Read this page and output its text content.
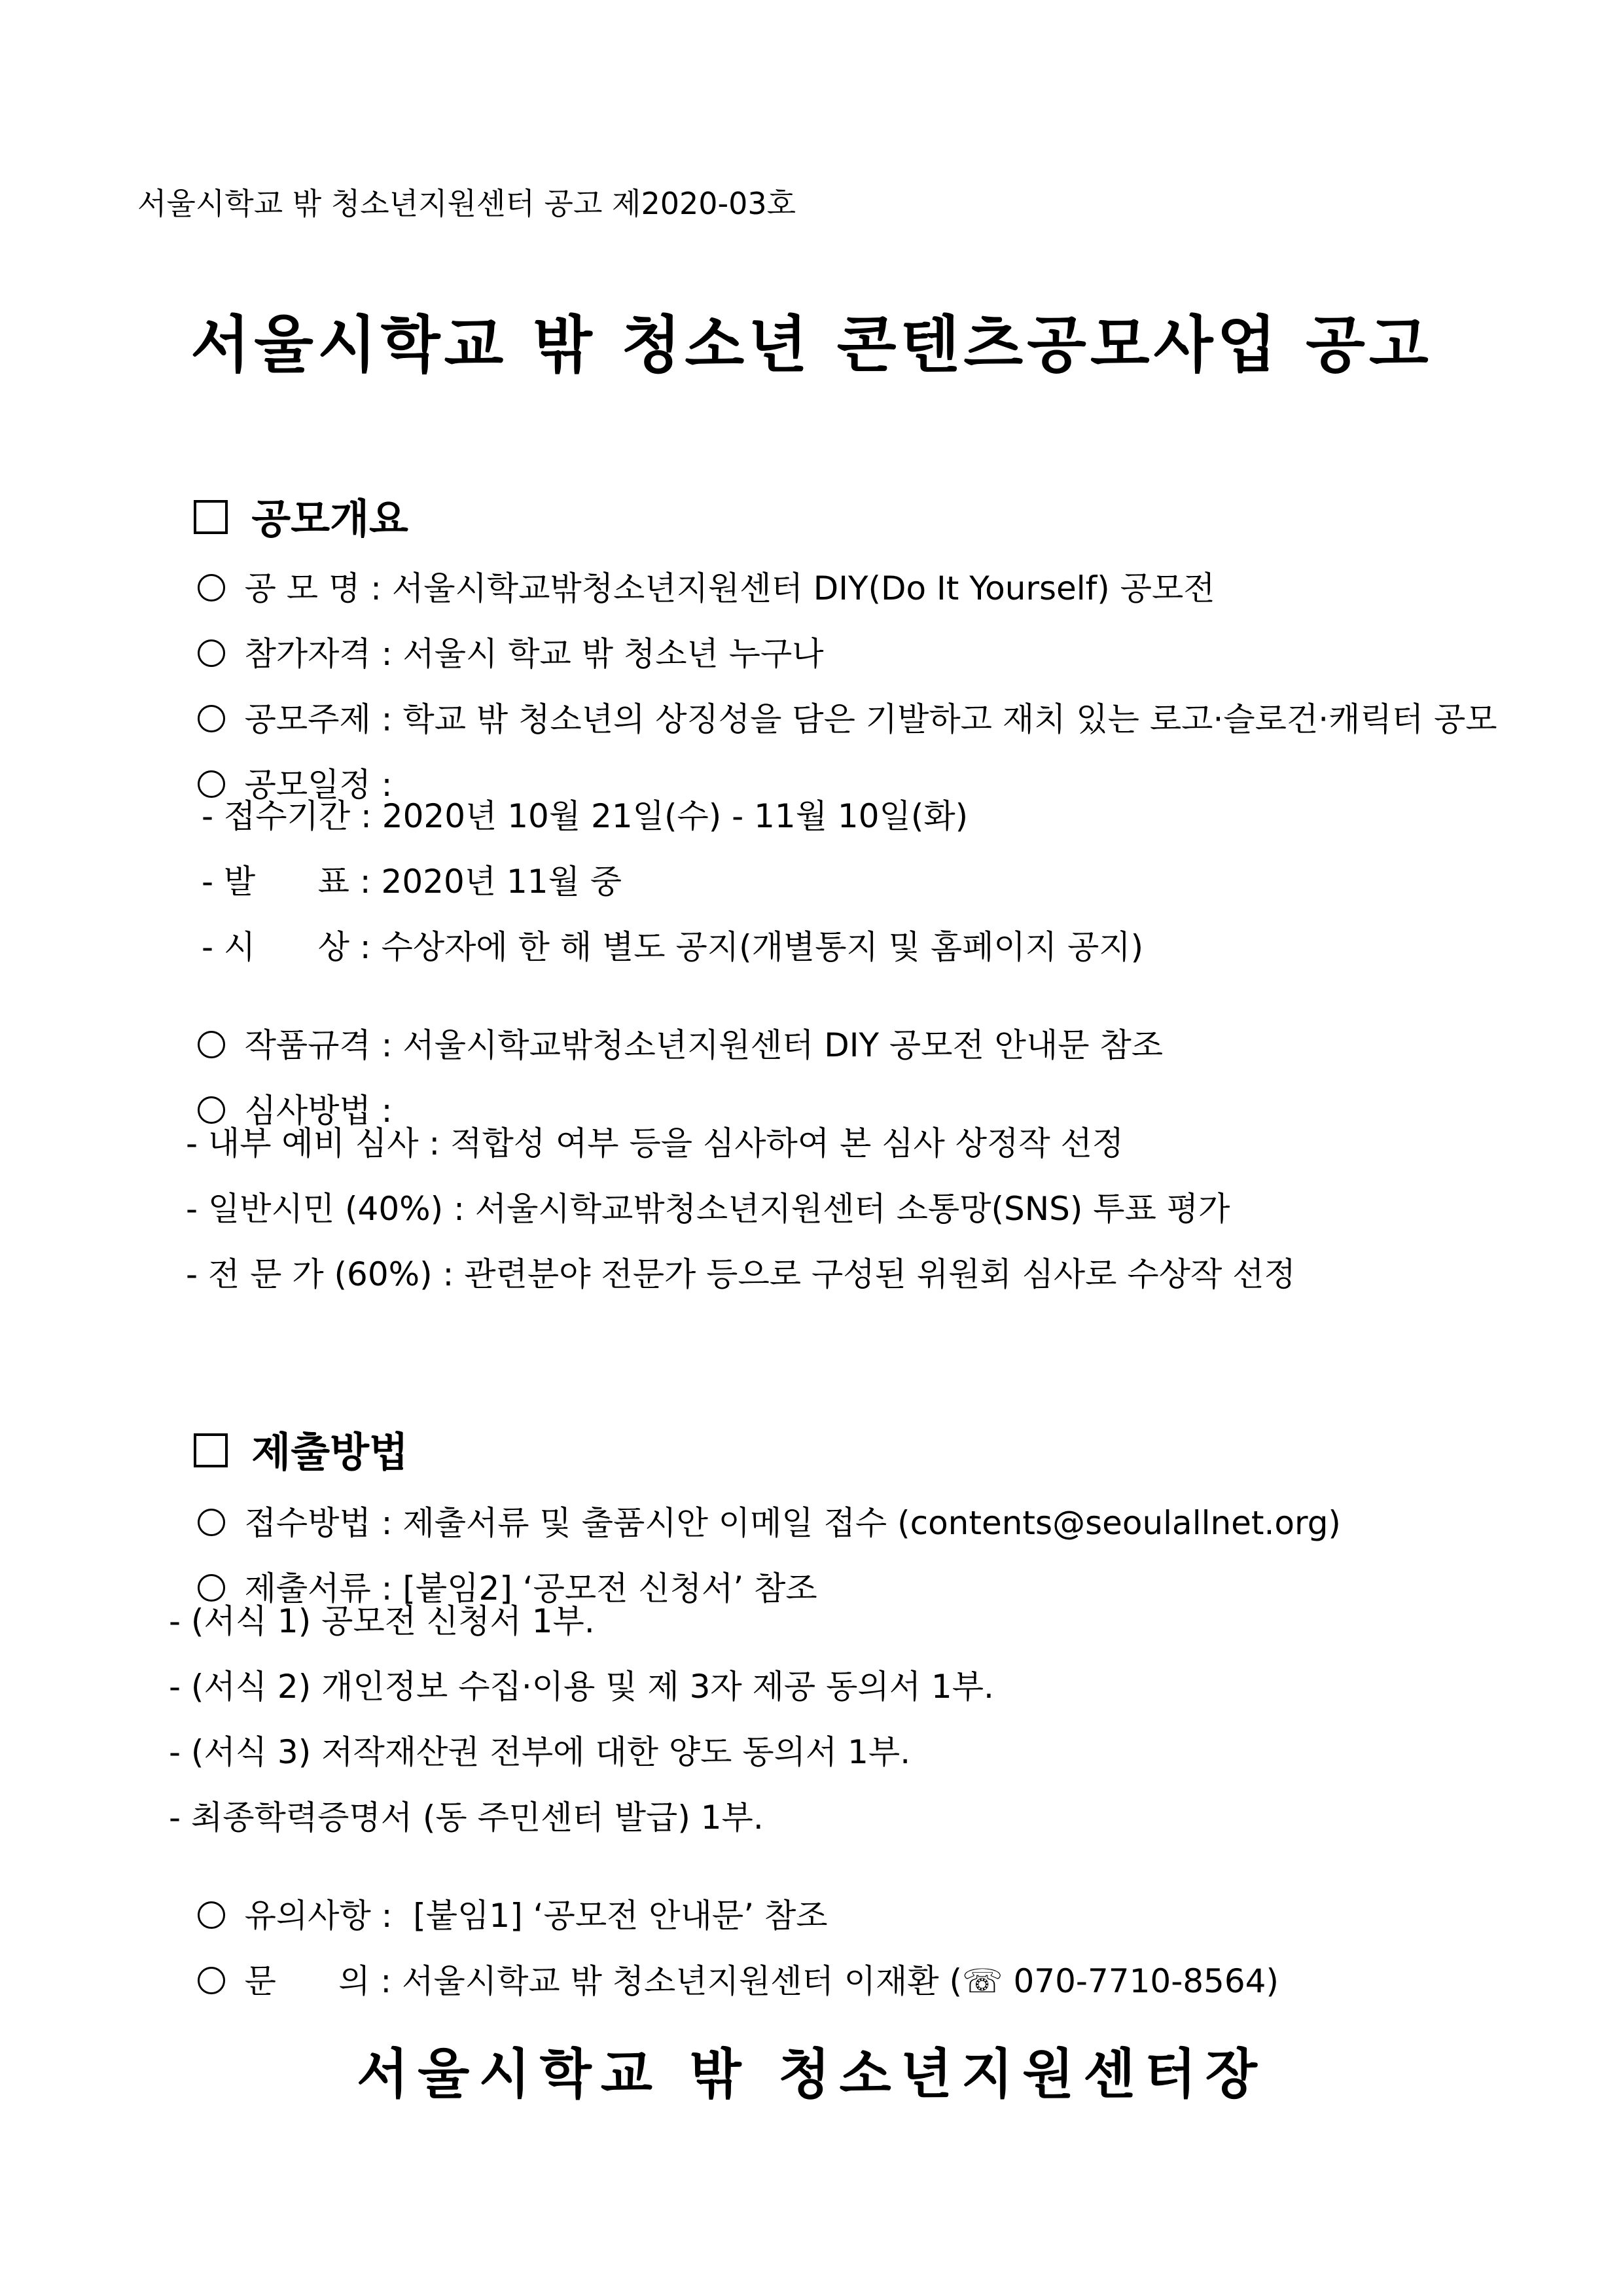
서울시학교 밖 청소년지원센터 공고 제2020-03호
서울시학교 밖 청소년 콘텐츠공모사업 공고

공모개요

공 모 명 : 서울시학교밖청소년지원센터 DIY(Do It Yourself) 공모전

참가자격 : 서울시 학교 밖 청소년 누구나

공모주제 : 학교 밖 청소년의 상징성을 담은 기발하고 재치 있는 로고·슬로건·캐릭터 공모

공모일정 :

- 접수기간 : 2020년 10월 21일(수) - 11월 10일(화)
- 발      표 : 2020년 11월 중
- 시      상 : 수상자에 한 해 별도 공지(개별통지 및 홈페이지 공지)

작품규격 : 서울시학교밖청소년지원센터 DIY 공모전 안내문 참조

심사방법 :

- 내부 예비 심사 : 적합성 여부 등을 심사하여 본 심사 상정작 선정
- 일반시민 (40%) : 서울시학교밖청소년지원센터 소통망(SNS) 투표 평가
- 전 문 가 (60%) : 관련분야 전문가 등으로 구성된 위원회 심사로 수상작 선정

제출방법

접수방법 : 제출서류 및 출품시안 이메일 접수 (contents@seoulallnet.org)

제출서류 : [붙임2] ‘공모전 신청서’ 참조

- (서식 1) 공모전 신청서 1부.
- (서식 2) 개인정보 수집·이용 및 제 3자 제공 동의서 1부.
- (서식 3) 저작재산권 전부에 대한 양도 동의서 1부.
- 최종학력증명서 (동 주민센터 발급) 1부.

유의사항 :  [붙임1] ‘공모전 안내문’ 참조

문      의 : 서울시학교 밖 청소년지원센터 이재환 (☏ 070-7710-8564)

서울시학교 밖 청소년지원센터장
